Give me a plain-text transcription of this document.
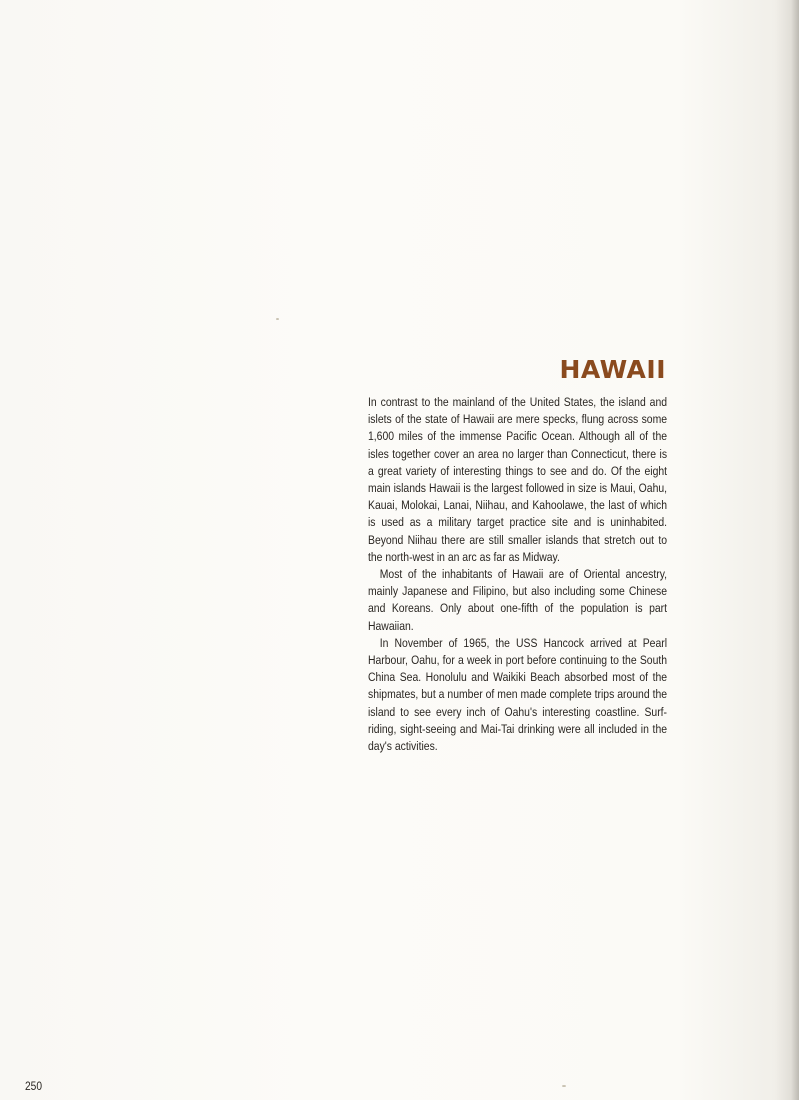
HAWAII

In contrast to the mainland of the United States, the island and islets of the state of Hawaii are mere specks, flung across some 1,600 miles of the immense Pacific Ocean. Although all of the isles together cover an area no larger than Connecticut, there is a great variety of interesting things to see and do. Of the eight main islands Hawaii is the largest followed in size is Maui, Oahu, Kauai, Molokai, Lanai, Niihau, and Kahoolawe, the last of which is used as a military target practice site and is uninhabited. Beyond Niihau there are still smaller islands that stretch out to the north-west in an arc as far as Midway.

Most of the inhabitants of Hawaii are of Oriental ancestry, mainly Japanese and Filipino, but also including some Chinese and Koreans. Only about one-fifth of the population is part Hawaiian.

In November of 1965, the USS Hancock arrived at Pearl Harbour, Oahu, for a week in port before continuing to the South China Sea. Honolulu and Waikiki Beach absorbed most of the shipmates, but a number of men made complete trips around the island to see every inch of Oahu's interesting coastline. Surf-riding, sight-seeing and Mai-Tai drinking were all included in the day's activities.

250
